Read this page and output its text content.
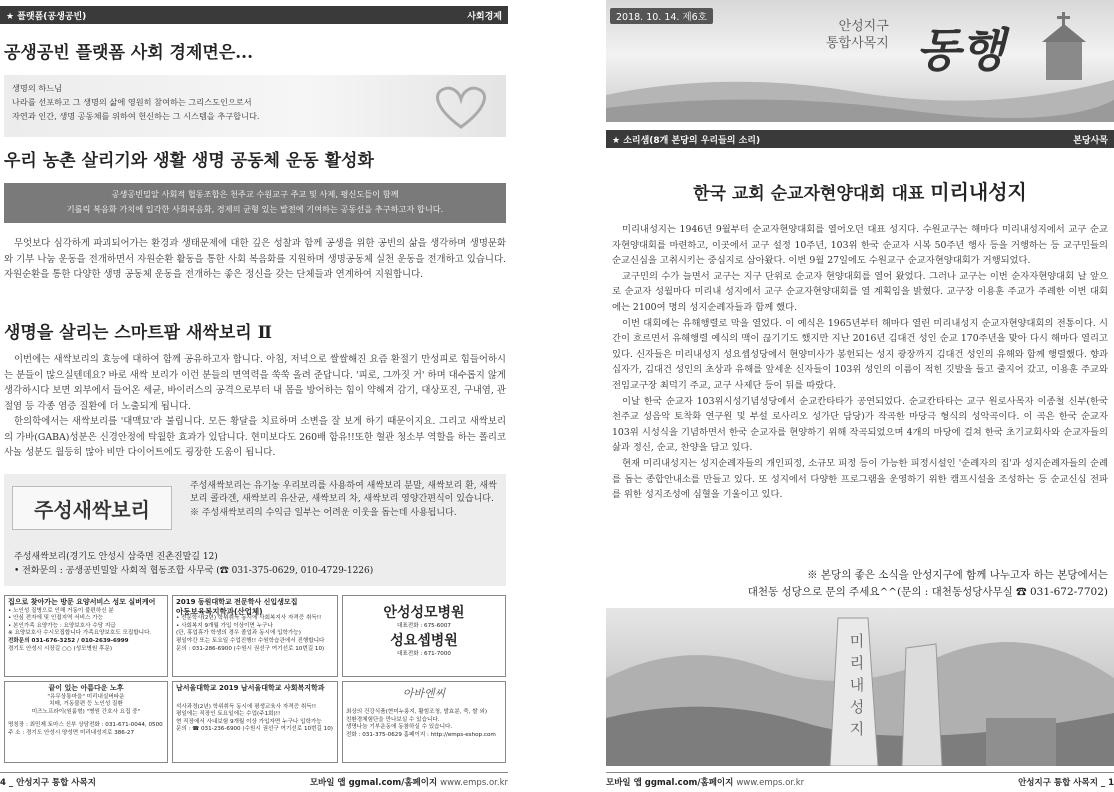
★ 플랫폼(공생공빈)	사회경제
공생공빈 플랫폼 사회 경제면은...
생명의 하느님
나라를 선포하고 그 생명의 삶에 영원히 참여하는 그리스도인으로서
자연과 인간, 생명 공동체를 위하여 헌신하는 그 시스템을 추구합니다.
우리 농촌 살리기와 생활 생명 공동체 운동 활성화
공생공빈밀알 사회적 협동조합은 천주교 수원교구 주교 및 사제, 평신도들이 함께
기롤릭 복음화 가치에 입각한 사회복음화, 경제의 균형 있는 발전에 기여하는 공동선을 추구하고자 합니다.

무엇보다 심각하게 파괴되어가는 환경과 생태문제에 대한 깊은 성찰과 함께 공생을 위한 공빈의 삶을 생각하며 생명문화와 기부 나눔 운동을 전개하면서 자원순환 활동을 통한 사회 복음화를 지원하며 생명공동체 실천 운동을 전개하고 있습니다. 자원순환을 통한 다양한 생명 공동체 운동을 전개하는 좋은 정신을 갖는 단체들과 연계하여 지원합니다.

생명을 살리는 스마트팜 새싹보리 Ⅱ

이번에는 새싹보리의 효능에 대하여 함께 공유하고자 합니다. 아침, 저녁으로 쌀쌀해진 요즘 환절기 만성피로 힘들어하시는 분들이 많으실텐데요? 바로 새싹 보리가 이런 분들의 면역력을 쑥쑥 올려 준답니다. '피로, 그까짓 거' 하며 대수롭지 않게 생각하시다 보면 외부에서 들어온 세균, 바이러스의 공격으로부터 내 몸을 방어하는 힘이 약해져 감기, 대상포진, 구내염, 관절염 등 각종 염증 질환에 더 노출되게 됩니다.

한의학에서는 새싹보리를 '대맥묘'라 불립니다. 모든 황달을 치료하며 소변을 잘 보게 하기 때문이지요. 그리고 새싹보리의 가바(GABA)성분은 신경안정에 탁월한 효과가 있답니다. 현미보다도 260배 함유!!또한 혈관 청소부 역할을 하는 폴리코사놀 성분도 월등히 많아 비만 다이어트에도 굉장한 도움이 됩니다.

주성새싹보리
주성새싹보리는 유기농 우리보리를 사용하여 새싹보리 분말, 새싹보리 환, 새싹보리 콜라겐, 새싹보리 유산균, 새싹보리 차, 새싹보리 영양간편식이 있습니다.
※ 주성새싹보리의 수익금 일부는 어려운 이웃을 돕는데 사용됩니다.
주성새싹보리(경기도 안성시 삼죽면 진촌진말길 12)
• 전화문의 : 공생공빈밀알 사회적 협동조합 사무국 (☎ 031-375-0629, 010-4729-1226)
집으로 찾아가는 방문 요양서비스 성모 실버케어
• 노인성 질병으로 인해 거동이 불편하신 분
• 안심 전자에 및 인접지역 서비스 가능
• 본인가족 요양가능 : 요양보호사 수당 지급
※ 요양보호사 수시모집합니다 가족요양보호도 모집합니다.
전화문의 031-676-3252 / 010-2639-6999
경기도 안성시 시장길 ○○ (성모병원 후문)
2019 동원대학교 전문학사 신입생모집
아동보육복지학과(산업체)
• 전문학사(2년) 학위취득 동시에 사회복지사 자격증 취득!!
• 사회복지 9개월 가입 이상이면 누구나
(단, 휴업휴가 학생의 경우 졸업과 동시에 입학가능)
평일야간 또는 토요일 수업진행!! 수원학습관에서 진행합니다
문의 : 031-286-6900 (수원시 권선구 여기선로 10번길 10)
안성성모병원
대표전화 : 675-6007
성요셉병원
대표전화 : 671-7000
끝이 있는 아름다운 노후
"유무상통마을" 미리내실버타운
치매, 거동불편 등 노인성 질환
미즈노프라이(원룸형) "병원 간호사 요집 중"
명칭장 : 최민제 토마스 신부 상담전화 : 031-671-0044, 0500
주 소 : 경기도 안성시 양성면 미리내성지로 386-27
남서울대학교 2019 남서울대학교 사회복지학과
석사과정(2년) 학위취득 동시에 평생교육사 자격증 취득!!
평일에는 직장인 토요일에는 수업(주1회)!!
현 직장에서 사내보험 9개월 이상 가입자면 누구나 입학가능
문의 : ☎ 031-236-6900 (수원시 권선구 여기선로 10번길 10)
아바엔씨
최상의 건강식품(현미누룽지, 활힘조청, 발효분, 죽, 쌀 외)
친환경체험단을 만나보실 수 있습니다.
생명나눔 기부운동에 동참하실 수 있습니다.
전화 : 031-375-0629 홈페이지 : http://emps-eshop.com
4 _ 안성지구 통합 사목지	모바일 앱 ggmal.com/홈페이지 www.emps.or.kr
2018. 10. 14. 제6호
안성지구
통합사목지 동행
★ 소리샘(8개 본당의 우리들의 소리)	본당사목
한국 교회 순교자현양대회 대표 미리내성지

미리내성지는 1946년 9월부터 순교자현양대회를 열어오던 대표 성지다. 수원교구는 해마다 미리내성지에서 교구 순교자현양대회를 마련하고, 이곳에서 교구 설정 10주년, 103위 한국 순교자 시복 50주년 행사 등을 거행하는 등 교구민들의 순교신심을 고취시키는 중심지로 삼아왔다. 이번 9월 27일에도 수원교구 순교자현양대회가 거행되었다.

교구민의 수가 늘면서 교구는 지구 단위로 순교자 현양대회를 열어 왔었다. 그러나 교구는 이번 순자자현양대회 날 앞으로 순교자 성월마다 미리내 성지에서 교구 순교자현양대회를 열 계획임을 밝혔다. 교구장 이용훈 주교가 주례한 이번 대회에는 2100여 명의 성지순례자들과 함께 했다.

이번 대회에는 유해행렬로 막을 열었다. 이 예식은 1965년부터 해마다 열린 미리내성지 순교자현양대회의 전통이다. 시간이 흐르면서 유해행렬 예식의 맥이 끊기기도 했지만 지난 2016년 김대건 성인 순교 170주년을 맞아 다시 해마다 열리고 있다. 신자들은 미리내성지 성요셉성당에서 현양미사가 봉헌되는 성지 광장까지 김대건 성인의 유해와 함께 행렬했다. 향과 십자가, 김대건 성인의 초상과 유해를 앞세운 신자들이 103위 성인의 이름이 적힌 깃발을 들고 줄지어 갔고, 이용훈 주교와 전임교구장 최덕기 주교, 교구 사제단 등이 뒤를 따랐다.

이날 한국 순교자 103위시성기념성당에서 순교칸타타가 공연되었다. 순교칸타타는 교구 원로사목자 이종철 신부(한국 천주교 성음악 토착화 연구원 및 부설 로사리오 성가단 담당)가 작곡한 마당극 형식의 성악곡이다. 이 곡은 한국 순교자 103위 시성식을 기념하면서 한국 순교자를 현양하기 위해 작곡되었으며 4개의 마당에 걸쳐 한국 초기교회사와 순교자들의 삶과 정신, 순교, 찬양을 담고 있다.

현재 미리내성지는 성지순례자들의 개인피정, 소규모 피정 등이 가능한 피정시설인 '순례자의 집'과 성지순례자들의 순례를 돕는 종합안내소를 만들고 있다. 또 성지에서 다양한 프로그램을 운영하기 위한 캠프시설을 조성하는 등 순교신심 전파를 위한 성지조성에 심혈을 기울이고 있다.

※ 본당의 좋은 소식을 안성지구에 함께 나누고자 하는 본당에서는
대천동 성당으로 문의 주세요^^(문의 : 대천동성당사무실 ☎ 031-672-7702)
미리내성지
모바일 앱 ggmal.com/홈페이지 www.emps.or.kr	안성지구 통합 사목지 _ 1
